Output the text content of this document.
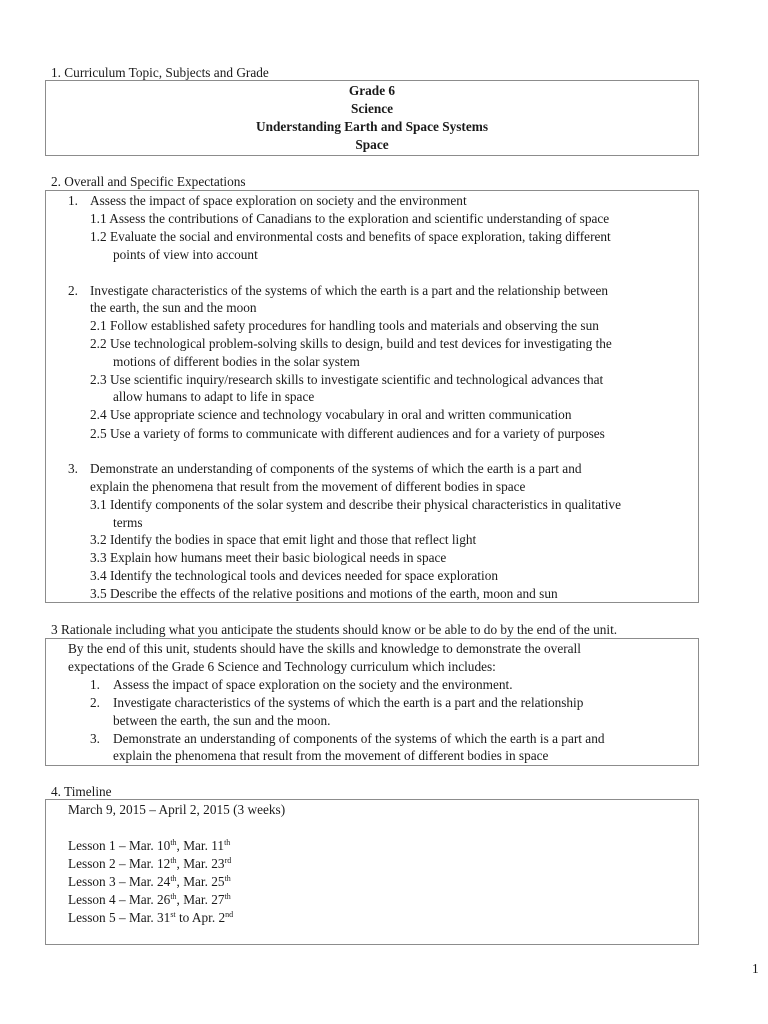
1. Curriculum Topic, Subjects and Grade
Grade 6
Science
Understanding Earth and Space Systems
Space
2. Overall and Specific Expectations
1. Assess the impact of space exploration on society and the environment
1.1 Assess the contributions of Canadians to the exploration and scientific understanding of space
1.2 Evaluate the social and environmental costs and benefits of space exploration, taking different
points of view into account
2. Investigate characteristics of the systems of which the earth is a part and the relationship between
the earth, the sun and the moon
2.1 Follow established safety procedures for handling tools and materials and observing the sun
2.2 Use technological problem-solving skills to design, build and test devices for investigating the
motions of different bodies in the solar system
2.3 Use scientific inquiry/research skills to investigate scientific and technological advances that
allow humans to adapt to life in space
2.4 Use appropriate science and technology vocabulary in oral and written communication
2.5 Use a variety of forms to communicate with different audiences and for a variety of purposes
3. Demonstrate an understanding of components of the systems of which the earth is a part and
explain the phenomena that result from the movement of different bodies in space
3.1 Identify components of the solar system and describe their physical characteristics in qualitative
terms
3.2 Identify the bodies in space that emit light and those that reflect light
3.3 Explain how humans meet their basic biological needs in space
3.4 Identify the technological tools and devices needed for space exploration
3.5 Describe the effects of the relative positions and motions of the earth, moon and sun
3 Rationale including what you anticipate the students should know or be able to do by the end of the unit.
By the end of this unit, students should have the skills and knowledge to demonstrate the overall
expectations of the Grade 6 Science and Technology curriculum which includes:
1. Assess the impact of space exploration on the society and the environment.
2. Investigate characteristics of the systems of which the earth is a part and the relationship
between the earth, the sun and the moon.
3. Demonstrate an understanding of components of the systems of which the earth is a part and
explain the phenomena that result from the movement of different bodies in space
4. Timeline
March 9, 2015 – April 2, 2015 (3 weeks)
Lesson 1 – Mar. 10th, Mar. 11th
Lesson 2 – Mar. 12th, Mar. 23rd
Lesson 3 – Mar. 24th, Mar. 25th
Lesson 4 – Mar. 26th, Mar. 27th
Lesson 5 – Mar. 31st to Apr. 2nd
1
